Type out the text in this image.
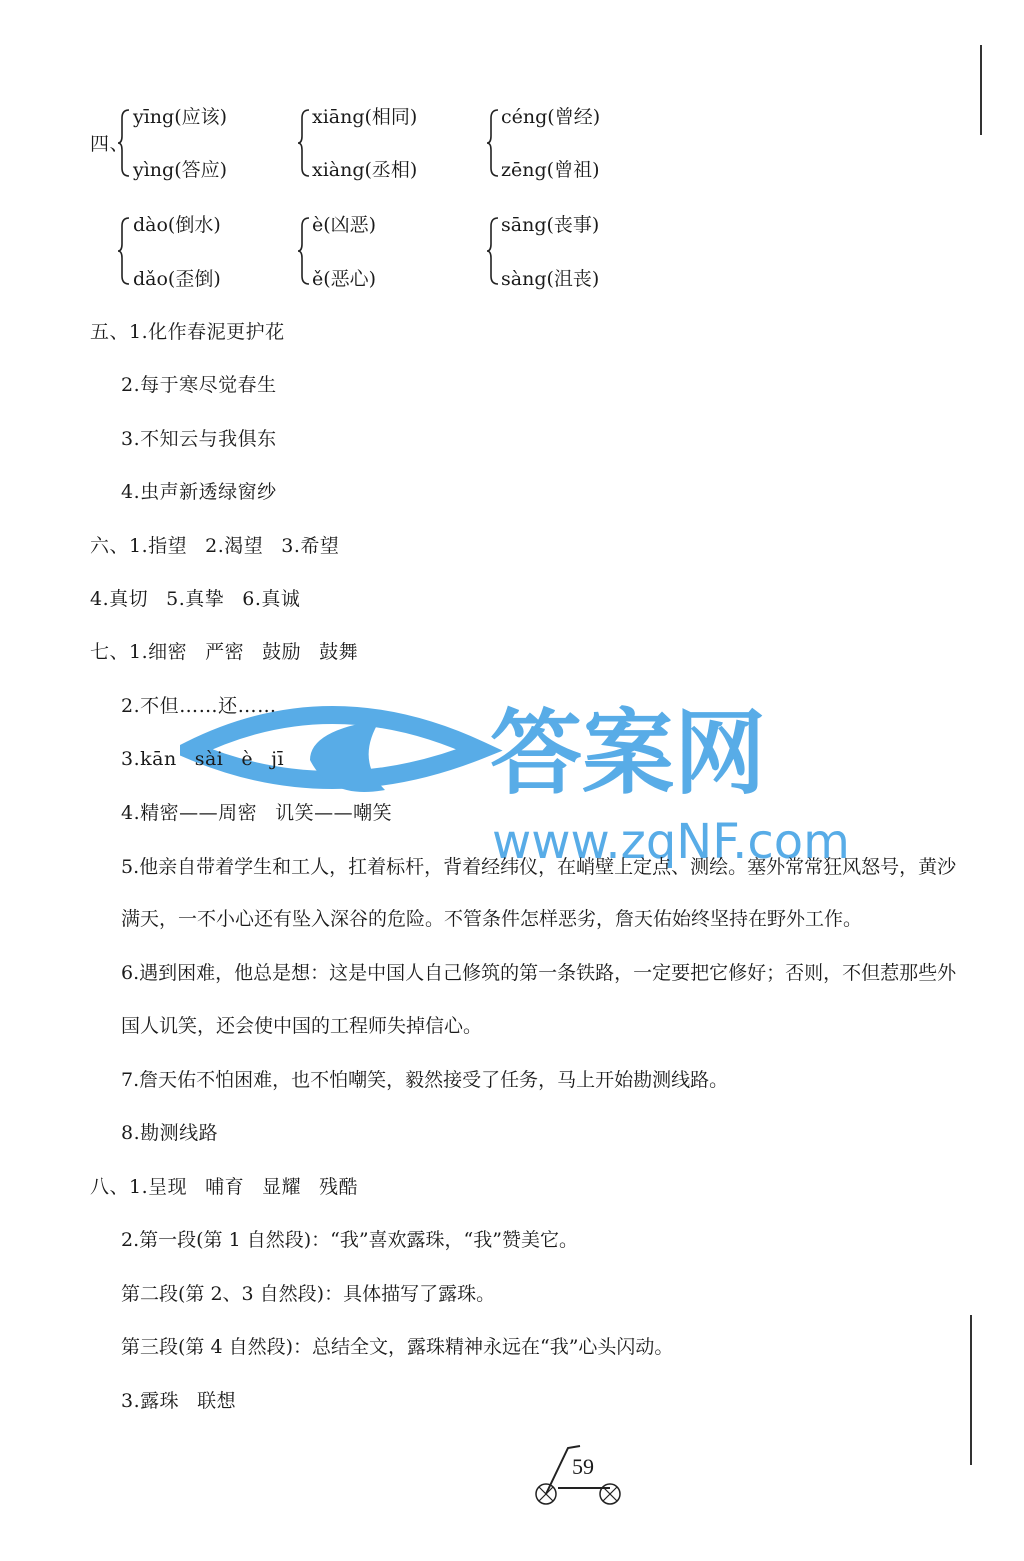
四、
yīng(应该)
yìng(答应)
xiāng(相同)
xiàng(丞相)
céng(曾经)
zēng(曾祖)
dào(倒水)
dǎo(歪倒)
è(凶恶)
ě(恶心)
sāng(丧事)
sàng(沮丧)
五、1.化作春泥更护花
2.每于寒尽觉春生
3.不知云与我俱东
4.虫声新透绿窗纱
六、1.指望 2.渴望 3.希望
4.真切 5.真挚 6.真诚
七、1.细密 严密 鼓励 鼓舞
2.不但……还…… 答案网
www.zqNF.com
3.kān sài è jī
4.精密——周密 讥笑——嘲笑
5.他亲自带着学生和工人，扛着标杆，背着经纬仪，在峭壁上定点、测绘。塞外常常狂风怒号，黄沙
满天，一不小心还有坠入深谷的危险。不管条件怎样恶劣，詹天佑始终坚持在野外工作。
6.遇到困难，他总是想：这是中国人自己修筑的第一条铁路，一定要把它修好；否则，不但惹那些外
国人讥笑，还会使中国的工程师失掉信心。
7.詹天佑不怕困难，也不怕嘲笑，毅然接受了任务，马上开始勘测线路。
8.勘测线路
八、1.呈现 哺育 显耀 残酷
2.第一段(第 1 自然段)：“我”喜欢露珠，“我”赞美它。
第二段(第 2、3 自然段)：具体描写了露珠。
第三段(第 4 自然段)：总结全文，露珠精神永远在“我”心头闪动。
3.露珠 联想
59
